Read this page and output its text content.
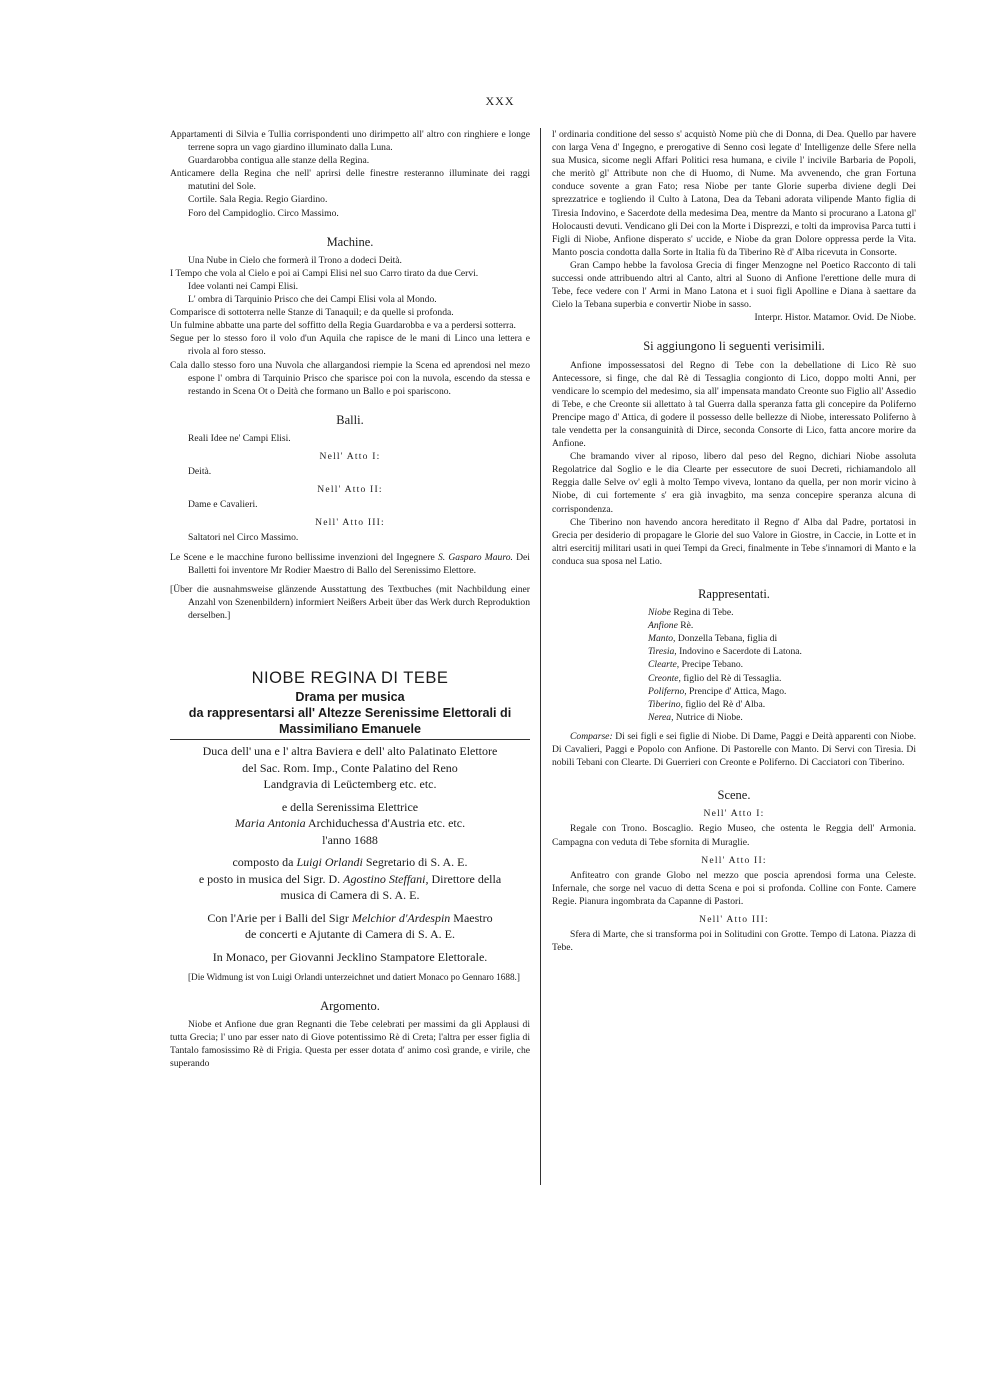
XXX

Appartamenti di Silvia e Tullia corrispondenti uno dirimpetto all' altro con ringhiere e longe terrene sopra un vago giardino illuminato dalla Luna.

Guardarobba contigua alle stanze della Regina.

Anticamere della Regina che nell' aprirsi delle finestre resteranno illuminate dei raggi matutini del Sole.

Cortile. Sala Regia. Regio Giardino.

Foro del Campidoglio. Circo Massimo.

Machine.

Una Nube in Cielo che formerà il Trono a dodeci Deità.

I Tempo che vola al Cielo e poi ai Campi Elisi nel suo Carro tirato da due Cervi.

Idee volanti nei Campi Elisi.

L' ombra di Tarquinio Prisco che dei Campi Elisi vola al Mondo.

Comparisce di sottoterra nelle Stanze di Tanaquil; e da quelle si profonda.

Un fulmine abbatte una parte del soffitto della Regia Guardarobba e va a perdersi sotterra.

Segue per lo stesso foro il volo d'un Aquila che rapisce de le mani di Linco una lettera e rivola al foro stesso.

Cala dallo stesso foro una Nuvola che allargandosi riempie la Scena ed aprendosi nel mezo espone l' ombra di Tarquinio Prisco che sparisce poi con la nuvola, escendo da stessa e restando in Scena Ot o Deità che formano un Ballo e poi spariscono.

Balli.

Reali Idee ne' Campi Elisi.

Nell' Atto I:

Deità.

Nell' Atto II:

Dame e Cavalieri.

Nell' Atto III:

Saltatori nel Circo Massimo.

Le Scene e le macchine furono bellissime invenzioni del Ingegnere S. Gasparo Mauro. Dei Balletti foi inventore Mr Rodier Maestro di Ballo del Serenissimo Elettore.

[Über die ausnahmsweise glänzende Ausstattung des Textbuches (mit Nachbildung einer Anzahl von Szenenbildern) informiert Neißers Arbeit über das Werk durch Reproduktion derselben.]

NIOBE REGINA DI TEBE
Drama per musica
da rappresentarsi all' Altezze Serenissime Elettorali di
Massimiliano Emanuele
Duca dell' una e l' altra Baviera e dell' alto Palatinato Elettore
del Sac. Rom. Imp., Conte Palatino del Reno
Landgravia di Leüctemberg etc. etc.
e della Serenissima Elettrice
Maria Antonia Archiduchessa d'Austria etc. etc.
l'anno 1688
composto da Luigi Orlandi Segretario di S. A. E.
e posto in musica del Sigr. D. Agostino Steffani, Direttore della
musica di Camera di S. A. E.
Con l'Arie per i Balli del Sigr Melchior d'Ardespin Maestro
de concerti e Ajutante di Camera di S. A. E.
In Monaco, per Giovanni Jecklino Stampatore Elettorale.

[Die Widmung ist von Luigi Orlandi unterzeichnet und datiert Monaco po Gennaro 1688.]

Argomento.

Niobe et Anfione due gran Regnanti die Tebe celebrati per massimi da gli Applausi di tutta Grecia; l' uno par esser nato di Giove potentissimo Rè di Creta; l'altra per esser figlia di Tantalo famosissimo Rè di Frigia. Questa per esser dotata d' animo così grande, e virile, che superando

l' ordinaria conditione del sesso s' acquistò Nome più che di Donna, di Dea. Quello par havere con larga Vena d' Ingegno, e prerogative di Senno così legate d' Intelligenze delle Sfere nella sua Musica, sicome negli Affari Politici resa humana, e civile l' incivile Barbaria de Popoli, che meritò gl' Attribute non che di Huomo, di Nume. Ma avvenendo, che gran Fortuna conduce sovente a gran Fato; resa Niobe per tante Glorie superba diviene degli Dei sprezzatrice e togliendo il Culto à Latona, Dea da Tebani adorata vilipende Manto figlia di Tiresia Indovino, e Sacerdote della medesima Dea, mentre da Manto si procurano a Latona gl' Holocausti devuti. Vendicano gli Dei con la Morte i Disprezzi, e tolti da improvisa Parca tutti i Figli di Niobe, Anfione disperato s' uccide, e Niobe da gran Dolore oppressa perde la Vita. Manto poscia condotta dalla Sorte in Italia fù da Tiberino Rè d' Alba ricevuta in Consorte.

Gran Campo hebbe la favolosa Grecia di finger Menzogne nel Poetico Racconto di tali successi onde attribuendo altri al Canto, altri al Suono di Anfione l'erettione delle mura di Tebe, fece vedere con l' Armi in Mano Latona et i suoi figli Apolline e Diana à saettare da Cielo la Tebana superbia e convertir Niobe in sasso.

Interpr. Histor. Matamor. Ovid. De Niobe.

Si aggiungono li seguenti verisimili.

Anfione impossessatosi del Regno di Tebe con la debellatione di Lico Rè suo Antecessore, si finge, che dal Rè di Tessaglia congionto di Lico, doppo molti Anni, per vendicare lo scempio del medesimo, sia all' impensata mandato Creonte suo Figlio all' Assedio di Tebe, e che Creonte sii allettato à tal Guerra dalla speranza fatta gli concepire da Poliferno Prencipe mago d' Attica, di godere il possesso delle bellezze di Niobe, interessato Poliferno à tale vendetta per la consanguinità di Dirce, seconda Consorte di Lico, fatta ancore morire da Anfione.

Che bramando viver al riposo, libero dal peso del Regno, dichiari Niobe assoluta Regolatrice dal Soglio e le dia Clearte per essecutore de suoi Decreti, richiamandolo all Reggia dalle Selve ov' egli à molto Tempo viveva, lontano da quella, per non morir vicino à Niobe, di cui fortemente s' era già invagbito, ma senza concepire speranza alcuna di corrispondenza.

Che Tiberino non havendo ancora hereditato il Regno d' Alba dal Padre, portatosi in Grecia per desiderio di propagare le Glorie del suo Valore in Giostre, in Caccie, in Lotte et in altri esercitij militari usati in quei Tempi da Greci, finalmente in Tebe s'innamori di Manto e la conduca sua sposa nel Latio.

Rappresentati.
Niobe Regina di Tebe.
Anfione Rè.
Manto, Donzella Tebana, figlia di
Tiresia, Indovino e Sacerdote di Latona.
Clearte, Precipe Tebano.
Creonte, figlio del Rè di Tessaglia.
Poliferno, Prencipe d' Attica, Mago.
Tiberino, figlio del Rè d' Alba.
Nerea, Nutrice di Niobe.

Comparse: Di sei figli e sei figlie di Niobe. Di Dame, Paggi e Deità apparenti con Niobe. Di Cavalieri, Paggi e Popolo con Anfione. Di Pastorelle con Manto. Di Servi con Tiresia. Di nobili Tebani con Clearte. Di Guerrieri con Creonte e Poliferno. Di Cacciatori con Tiberino.

Scene.
Nell' Atto I:

Regale con Trono. Boscaglio. Regio Museo, che ostenta le Reggia dell' Armonia. Campagna con veduta di Tebe sfornita di Muraglie.

Nell' Atto II:

Anfiteatro con grande Globo nel mezzo que poscia aprendosi forma una Celeste. Infernale, che sorge nel vacuo di detta Scena e poi si profonda. Colline con Fonte. Camere Regie. Pianura ingombrata da Capanne di Pastori.

Nell' Atto III:

Sfera di Marte, che si transforma poi in Solitudini con Grotte. Tempo di Latona. Piazza di Tebe.
